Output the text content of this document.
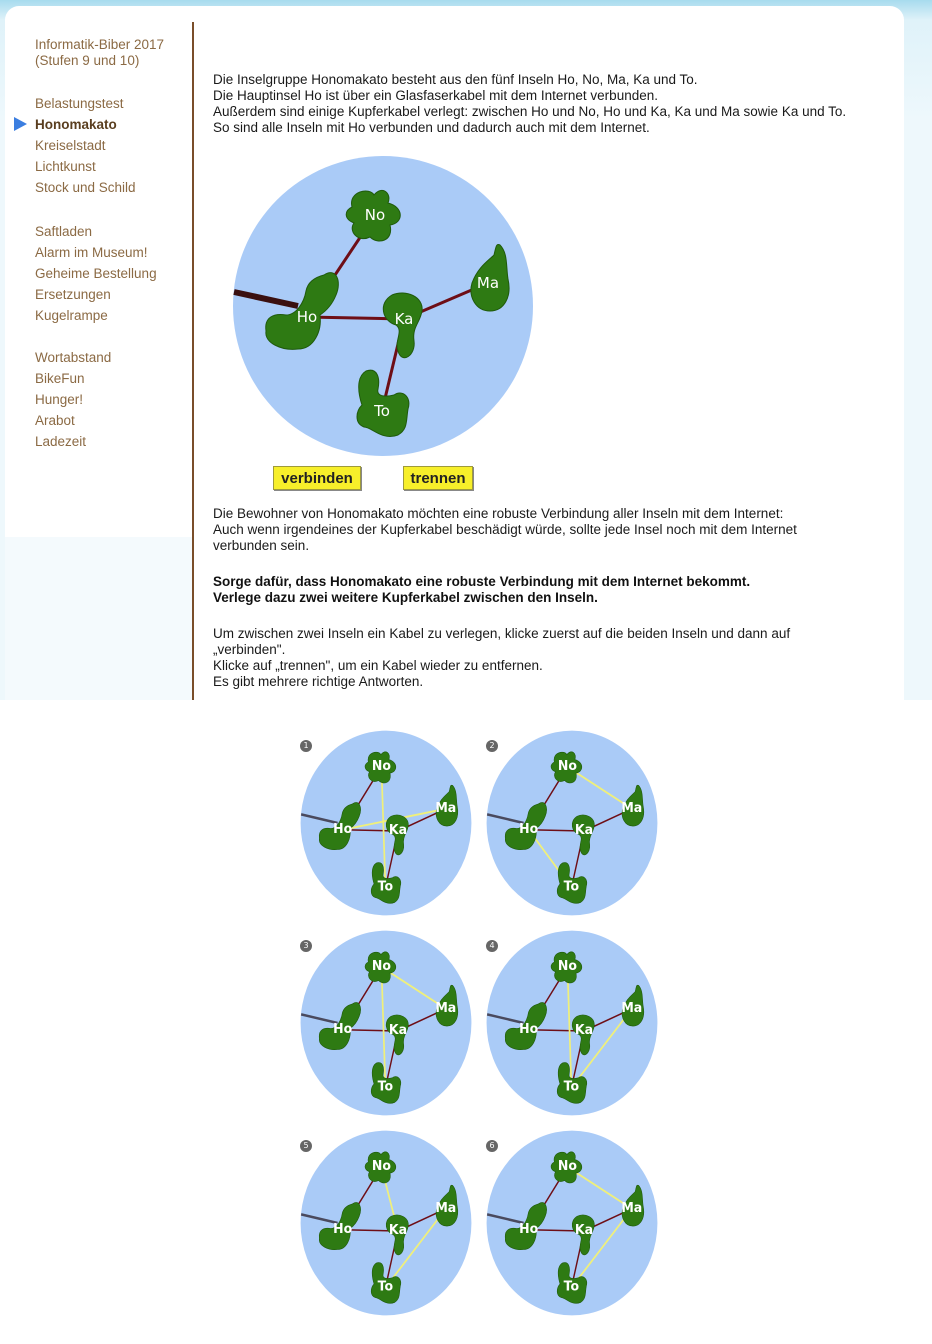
Informatik-Biber 2017
(Stufen 9 und 10)
Belastungstest
Honomakato
Kreiselstadt
Lichtkunst
Stock und Schild
Saftladen
Alarm im Museum!
Geheime Bestellung
Ersetzungen
Kugelrampe
Wortabstand
BikeFun
Hunger!
Arabot
Ladezeit

Die Inselgruppe Honomakato besteht aus den fünf Inseln Ho, No, Ma, Ka und To.

Die Hauptinsel Ho ist über ein Glasfaserkabel mit dem Internet verbunden.

Außerdem sind einige Kupferkabel verlegt: zwischen Ho und No, Ho und Ka, Ka und Ma sowie Ka und To.

So sind alle Inseln mit Ho verbunden und dadurch auch mit dem Internet.

No
Ho	Ka
Ma
To
verbinden	trennen

Die Bewohner von Honomakato möchten eine robuste Verbindung aller Inseln mit dem Internet:

Auch wenn irgendeines der Kupferkabel beschädigt würde, sollte jede Insel noch mit dem Internet

verbunden sein.

Sorge dafür, dass Honomakato eine robuste Verbindung mit dem Internet bekommt.

Verlege dazu zwei weitere Kupferkabel zwischen den Inseln.

Um zwischen zwei Inseln ein Kabel zu verlegen, klicke zuerst auf die beiden Inseln und dann auf

„verbinden".

Klicke auf „trennen", um ein Kabel wieder zu entfernen.

Es gibt mehrere richtige Antworten.

No
Ho Ka
Ma
To
1
No
Ho Ka
Ma
To
2
No
Ho Ka
Ma
To
3
No
Ho Ka
Ma
To
4
No
Ho Ka
Ma
To
5
No
Ho Ka
Ma
To
6
